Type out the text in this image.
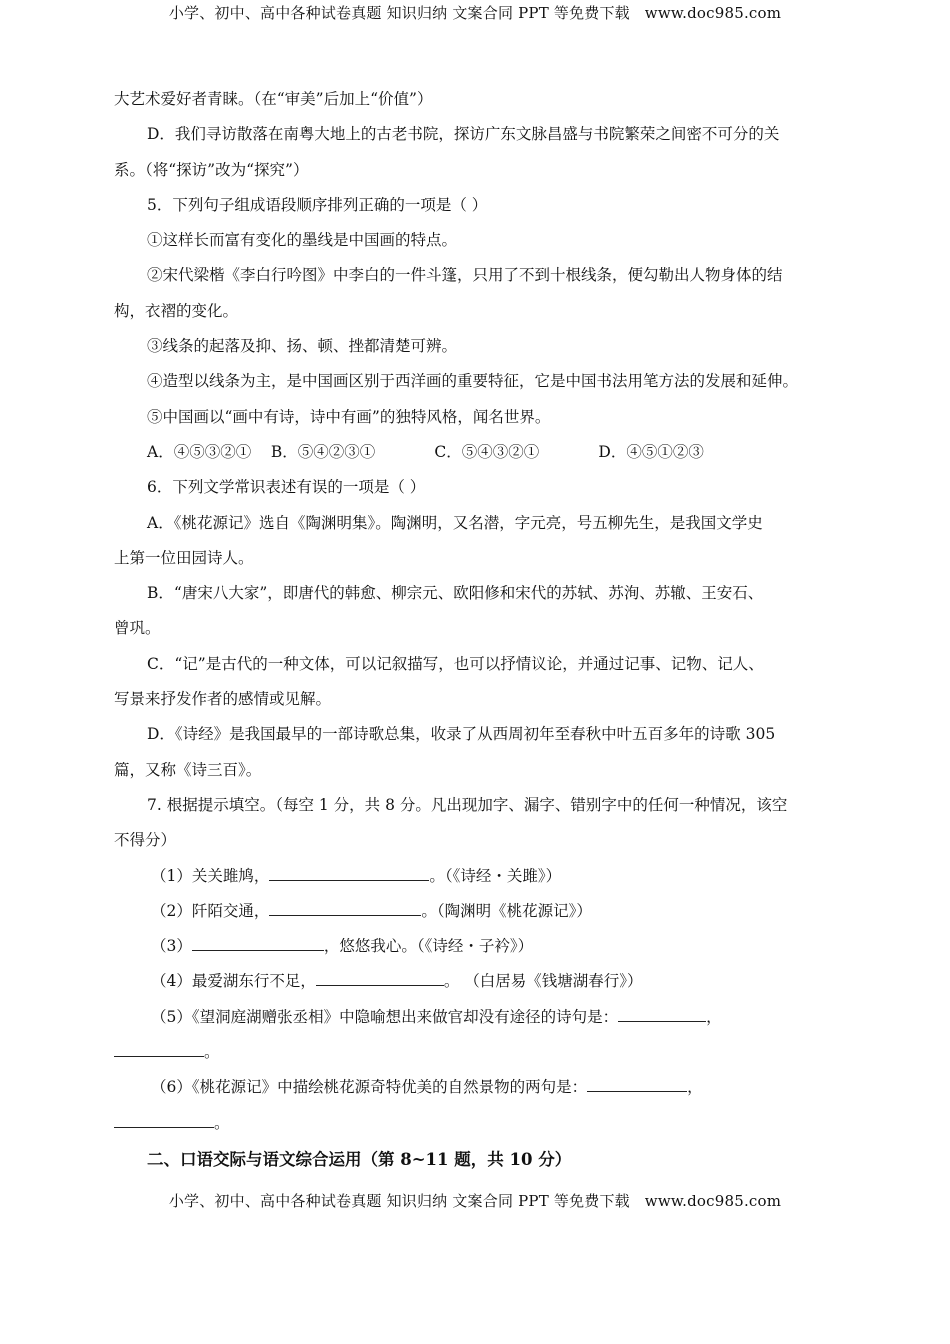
小学、初中、高中各种试卷真题 知识归纳 文案合同 PPT 等免费下载   www.doc985.com
大艺术爱好者青睐。（在“审美”后加上“价值”）
D．我们寻访散落在南粤大地上的古老书院，探访广东文脉昌盛与书院繁荣之间密不可分的关
系。（将“探访”改为“探究”）
5．下列句子组成语段顺序排列正确的一项是（ ）
①这样长而富有变化的墨线是中国画的特点。
②宋代梁楷《李白行吟图》中李白的一件斗篷，只用了不到十根线条，便勾勒出人物身体的结
构，衣褶的变化。
③线条的起落及抑、扬、顿、挫都清楚可辨。
④造型以线条为主，是中国画区别于西洋画的重要特征，它是中国书法用笔方法的发展和延伸。
⑤中国画以“画中有诗，诗中有画”的独特风格，闻名世界。
A．④⑤③②①    B．⑤④②③①            C．⑤④③②①            D．④⑤①②③
6．下列文学常识表述有误的一项是（ ）
A．《桃花源记》选自《陶渊明集》。陶渊明，又名潜，字元亮，号五柳先生，是我国文学史
上第一位田园诗人。
B．“唐宋八大家”，即唐代的韩愈、柳宗元、欧阳修和宋代的苏轼、苏洵、苏辙、王安石、
曾巩。
C．“记”是古代的一种文体，可以记叙描写，也可以抒情议论，并通过记事、记物、记人、
写景来抒发作者的感情或见解。
D．《诗经》是我国最早的一部诗歌总集，收录了从西周初年至春秋中叶五百多年的诗歌 305
篇，又称《诗三百》。
7. 根据提示填空。（每空 1 分，共 8 分。凡出现加字、漏字、错别字中的任何一种情况，该空
不得分）
（1）关关雎鸠，	。（《诗经・关雎》）
（2）阡陌交通，	。（陶渊明《桃花源记》）
（3）	，悠悠我心。（《诗经・子衿》）
（4）最爱湖东行不足，	。 （白居易《钱塘湖春行》）
（5）《望洞庭湖赠张丞相》中隐喻想出来做官却没有途径的诗句是：	，
。
（6）《桃花源记》中描绘桃花源奇特优美的自然景物的两句是：	，
。
二、口语交际与语文综合运用（第 8~11 题，共 10 分）
小学、初中、高中各种试卷真题 知识归纳 文案合同 PPT 等免费下载   www.doc985.com
